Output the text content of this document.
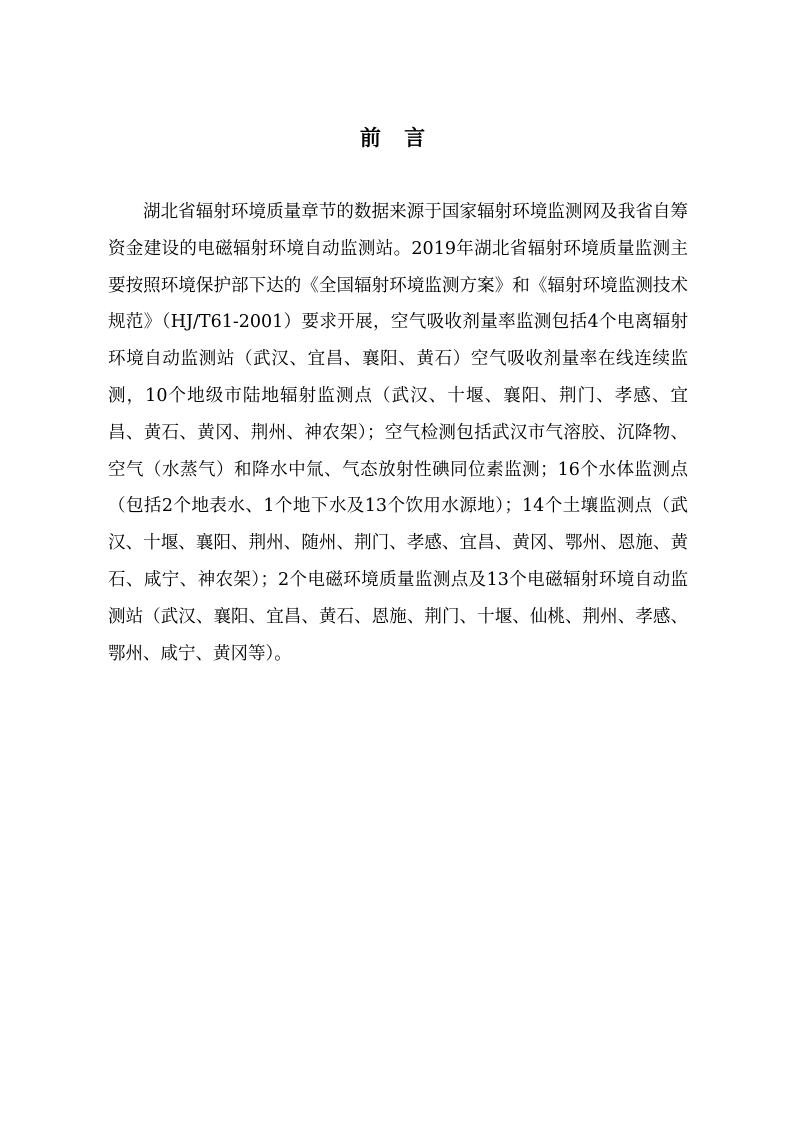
前 言

湖北省辐射环境质量章节的数据来源于国家辐射环境监测网及我省自筹资金建设的电磁辐射环境自动监测站。2019年湖北省辐射环境质量监测主要按照环境保护部下达的《全国辐射环境监测方案》和《辐射环境监测技术规范》（HJ/T61-2001）要求开展，空气吸收剂量率监测包括4个电离辐射环境自动监测站（武汉、宜昌、襄阳、黄石）空气吸收剂量率在线连续监测，10个地级市陆地辐射监测点（武汉、十堰、襄阳、荆门、孝感、宜昌、黄石、黄冈、荆州、神农架）；空气检测包括武汉市气溶胶、沉降物、空气（水蒸气）和降水中氚、气态放射性碘同位素监测；16个水体监测点（包括2个地表水、1个地下水及13个饮用水源地）；14个土壤监测点（武汉、十堰、襄阳、荆州、随州、荆门、孝感、宜昌、黄冈、鄂州、恩施、黄石、咸宁、神农架）；2个电磁环境质量监测点及13个电磁辐射环境自动监测站（武汉、襄阳、宜昌、黄石、恩施、荆门、十堰、仙桃、荆州、孝感、鄂州、咸宁、黄冈等）。
